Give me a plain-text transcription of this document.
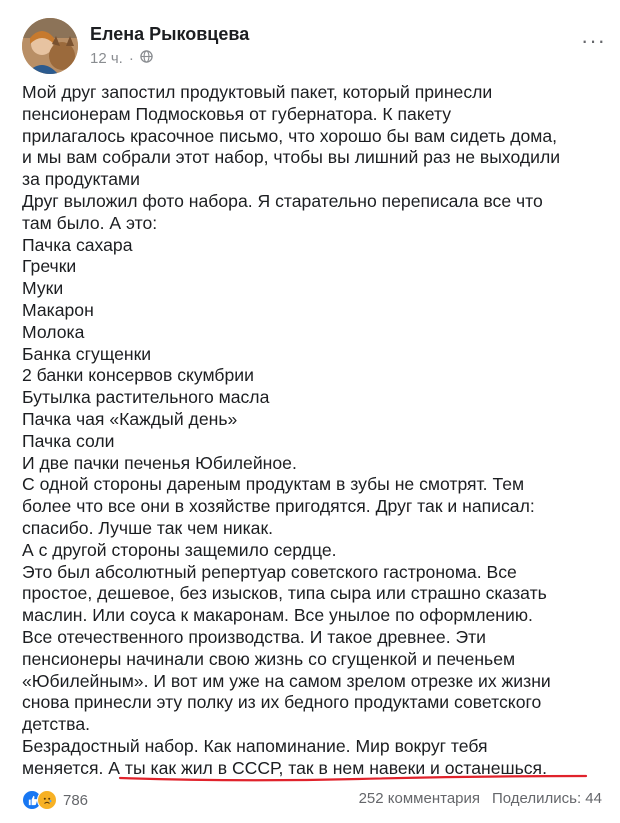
Елена Рыковцева
12 ч. ·
···

Мой друг запостил продуктовый пакет, который принесли

пенсионерам Подмосковья от губернатора. К пакету

прилагалось красочное письмо, что хорошо бы вам сидеть дома,

и мы вам собрали этот набор, чтобы вы лишний раз не выходили

за продуктами

Друг выложил фото набора. Я старательно переписала все что

там было. А это:

Пачка сахара

Гречки

Муки

Макарон

Молока

Банка сгущенки

2 банки консервов скумбрии

Бутылка растительного масла

Пачка чая «Каждый день»

Пачка соли

И две пачки печенья Юбилейное.

С одной стороны дареным продуктам в зубы не смотрят. Тем

более что все они в хозяйстве пригодятся. Друг так и написал:

спасибо. Лучше так чем никак.

А с другой стороны защемило сердце.

Это был абсолютный репертуар советского гастронома. Все

простое, дешевое, без изысков, типа сыра или страшно сказать

маслин. Или соуса к макаронам. Все унылое по оформлению.

Все отечественного производства. И такое древнее. Эти

пенсионеры начинали свою жизнь со сгущенкой и печеньем

«Юбилейным». И вот им уже на самом зрелом отрезке их жизни

снова принесли эту полку из их бедного продуктами советского

детства.

Безрадостный набор. Как напоминание. Мир вокруг тебя

меняется. А ты как жил в СССР, так в нем навеки и останешься.

786	252 комментария Поделились: 44
